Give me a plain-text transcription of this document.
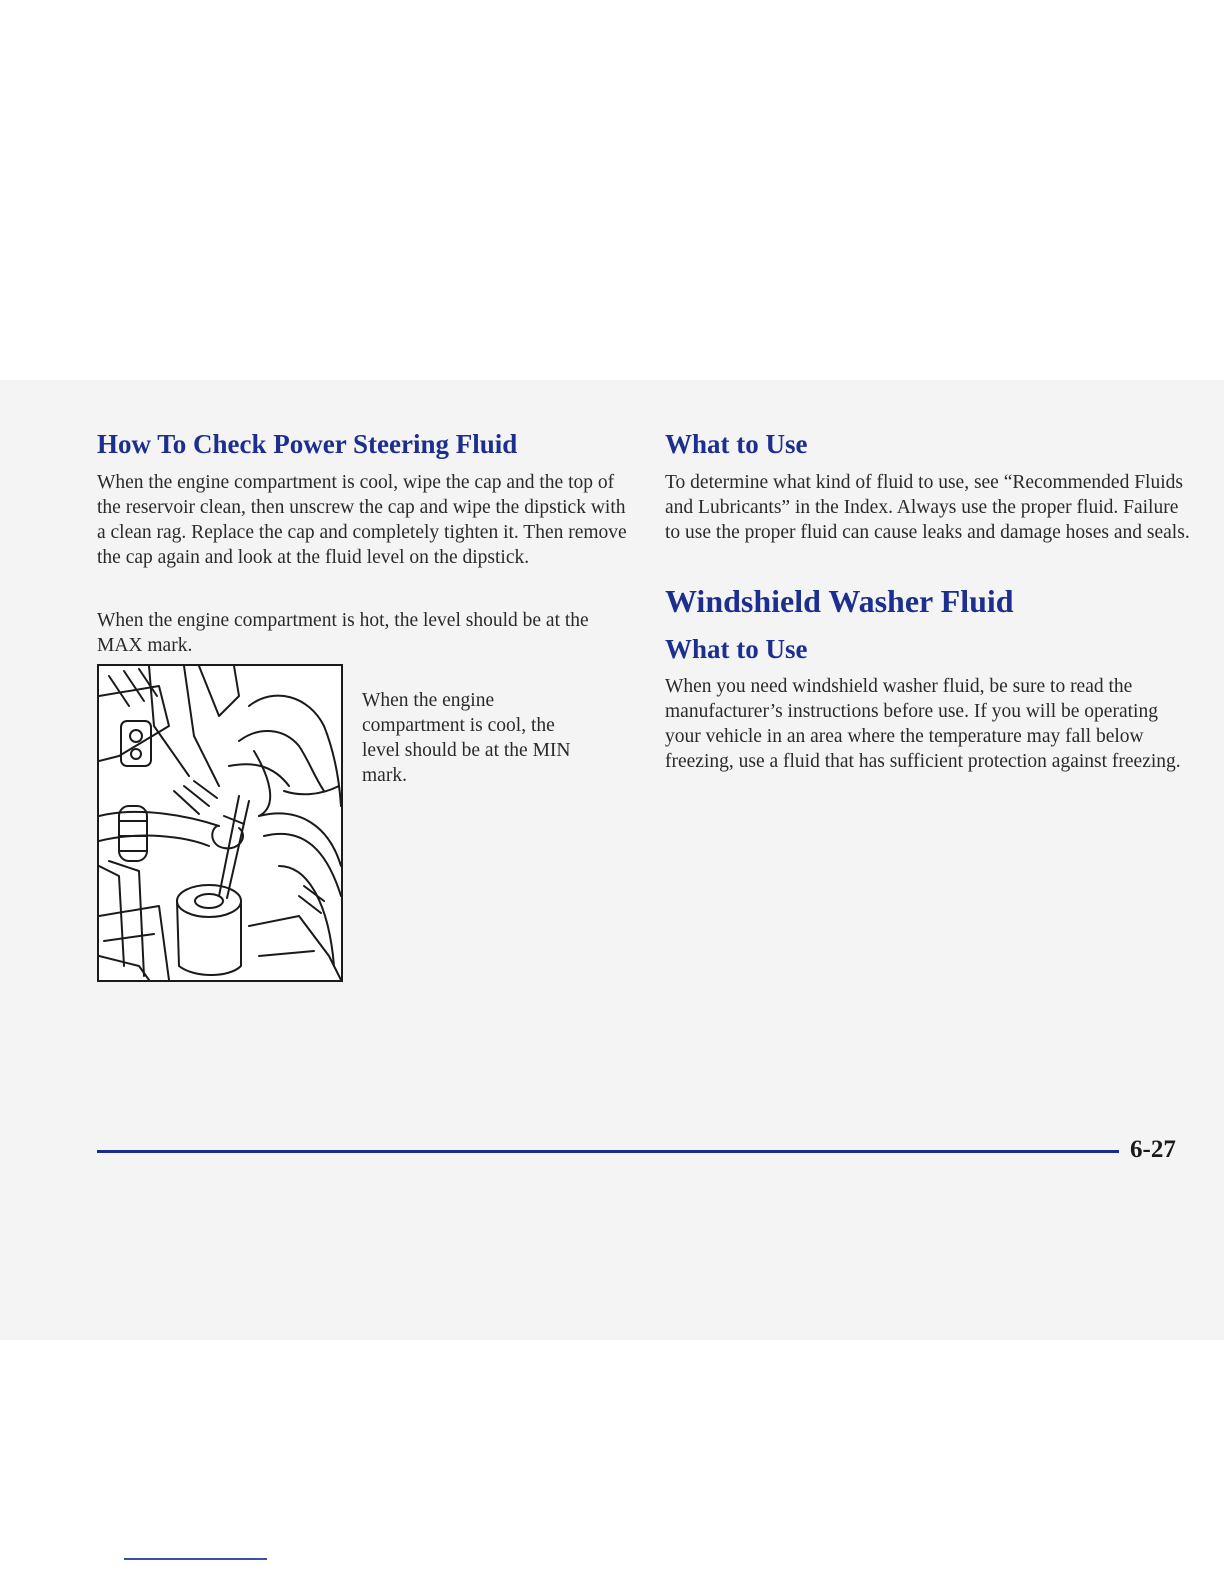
How To Check Power Steering Fluid

When the engine compartment is cool, wipe the cap and the top of the reservoir clean, then unscrew the cap and wipe the dipstick with a clean rag. Replace the cap and completely tighten it. Then remove the cap again and look at the fluid level on the dipstick.

When the engine compartment is hot, the level should be at the MAX mark.

When the engine compartment is cool, the level should be at the MIN mark.

What to Use

To determine what kind of fluid to use, see “Recommended Fluids and Lubricants” in the Index. Always use the proper fluid. Failure to use the proper fluid can cause leaks and damage hoses and seals.

Windshield Washer Fluid
What to Use

When you need windshield washer fluid, be sure to read the manufacturer’s instructions before use. If you will be operating your vehicle in an area where the temperature may fall below freezing, use a fluid that has sufficient protection against freezing.

6-27
